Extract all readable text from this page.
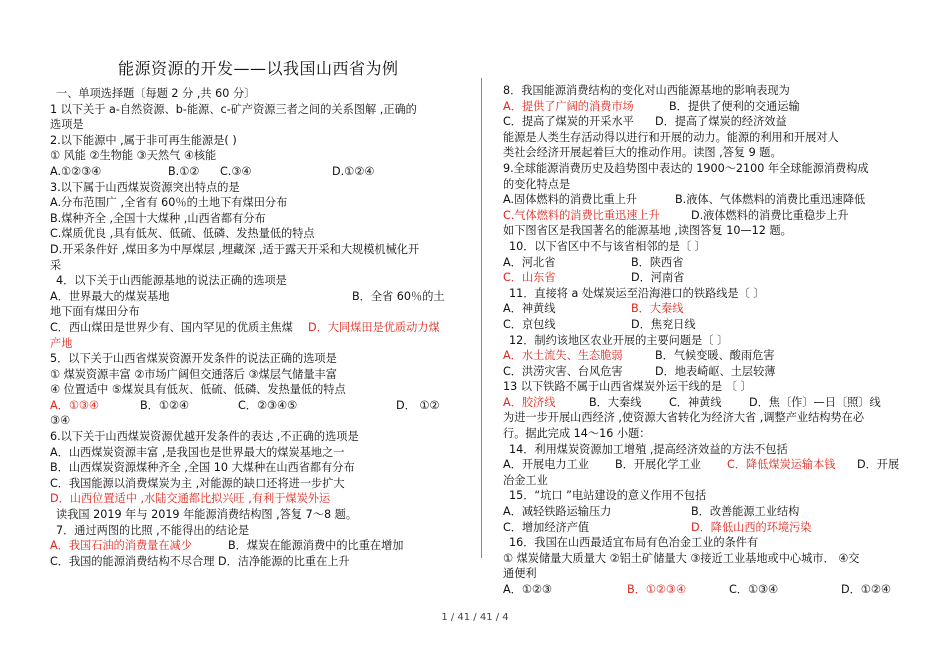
能源资源的开发——以我国山西省为例
一、单项选择题〔每题 2 分 ,共 60 分〕
1 以下关于 a-自然资源、b-能源、c-矿产资源三者之间的关系图解 ,正确的
选项是
2.以下能源中 ,属于非可再生能源是( )
① 风能 ②生物能 ③天然气 ④核能
A.①②③④	B.①② C.③④	D.①②④
3.以下属于山西煤炭资源突出特点的是
A.分布范围广 ,全省有 60％的土地下有煤田分布
B.煤种齐全 ,全国十大煤种 ,山西省都有分布
C.煤质优良 ,具有低灰、低硫、低磷、发热量低的特点
D.开采条件好 ,煤田多为中厚煤层 ,埋藏深 ,适于露天开采和大规模机械化开
采
4．以下关于山西能源基地的说法正确的选项是
A．世界最大的煤炭基地	B．全省 60％的土
地下面有煤田分布
C．西山煤田是世界少有、国内罕见的优质主焦煤 D．大同煤田是优质动力煤
产地
5．以下关于山西省煤炭资源开发条件的说法正确的选项是
① 煤炭资源丰富 ②市场广阔但交通落后 ③煤层气储量丰富
④ 位置适中 ⑤煤炭具有低灰、低硫、低磷、发热量低的特点
A．①③④	B．①②④	C．②③④⑤	D． ①②
③④
6.以下关于山西煤炭资源优越开发条件的表达 ,不正确的选项是
A．山西煤炭资源丰富 ,是我国也是世界最大的煤炭基地之一
B．山西煤炭资源煤种齐全 ,全国 10 大煤种在山西省都有分布
C．我国能源以消费煤炭为主 ,对能源的缺口还将进一步扩大
D．山西位置适中 ,水陆交通都比拟兴旺 ,有利于煤炭外运
读我国 2019 年与 2019 年能源消费结构图 ,答复 7～8 题。
7．通过两图的比照 ,不能得出的结论是
A．我国石油的消费量在减少	B．煤炭在能源消费中的比重在增加
C．我国的能源消费结构不尽合理 D．洁净能源的比重在上升
8．我国能源消费结构的变化对山西能源基地的影响表现为
A．提供了广阔的消费市场	B．提供了便利的交通运输
C．提高了煤炭的开采水平 D．提高了煤炭的经济效益
能源是人类生存活动得以进行和开展的动力。能源的利用和开展对人
类社会经济开展起着巨大的推动作用。读图 ,答复 9 题。
9.全球能源消费历史及趋势图中表达的 1900～2100 年全球能源消费构成
的变化特点是
A.固体燃料的消费比重上升	B.液体、气体燃料的消费比重迅速降低
C.气体燃料的消费比重迅速上升	D.液体燃料的消费比重稳步上升
如下图省区是我国著名的能源基地 ,读图答复 10—12 题。
10．以下省区中不与该省相邻的是〔 〕
A．河北省	B．陕西省
C．山东省	D．河南省
11．直接将 a 处煤炭运至沿海港口的铁路线是〔 〕
A．神黄线	B．大秦线
C．京包线	D．焦兖日线
12．制约该地区农业开展的主要问题是〔 〕
A．水土流失、生态脆弱	B．气候变暖、酸雨危害
C．洪涝灾害、台风危害	D．地表崎岖、土层较薄
13 以下铁路不属于山西省煤炭外运干线的是 〔 〕
A．胶济线	B．大秦线 C．神黄线 D．焦〔作〕—日〔照〕线
为进一步开展山西经济 ,使资源大省转化为经济大省 ,调整产业结构势在必
行。据此完成 14～16 小题：
14．利用煤炭资源加工增殖 ,提高经济效益的方法不包括
A．开展电力工业 B．开展化学工业 C．降低煤炭运输本钱 D．开展
冶金工业
15．“坑口 ”电站建设的意义作用不包括
A．减轻铁路运输压力	B．改善能源工业结构
C．增加经济产值	D．降低山西的环境污染
16．我国在山西最适宜布局有色冶金工业的条件有
① 煤炭储量大质量大 ②铝土矿储量大 ③接近工业基地或中心城市． ④交
通便利
A．①②③	B．①②③④	C．①③④	D．①②④
1 / 41 / 41 / 4
